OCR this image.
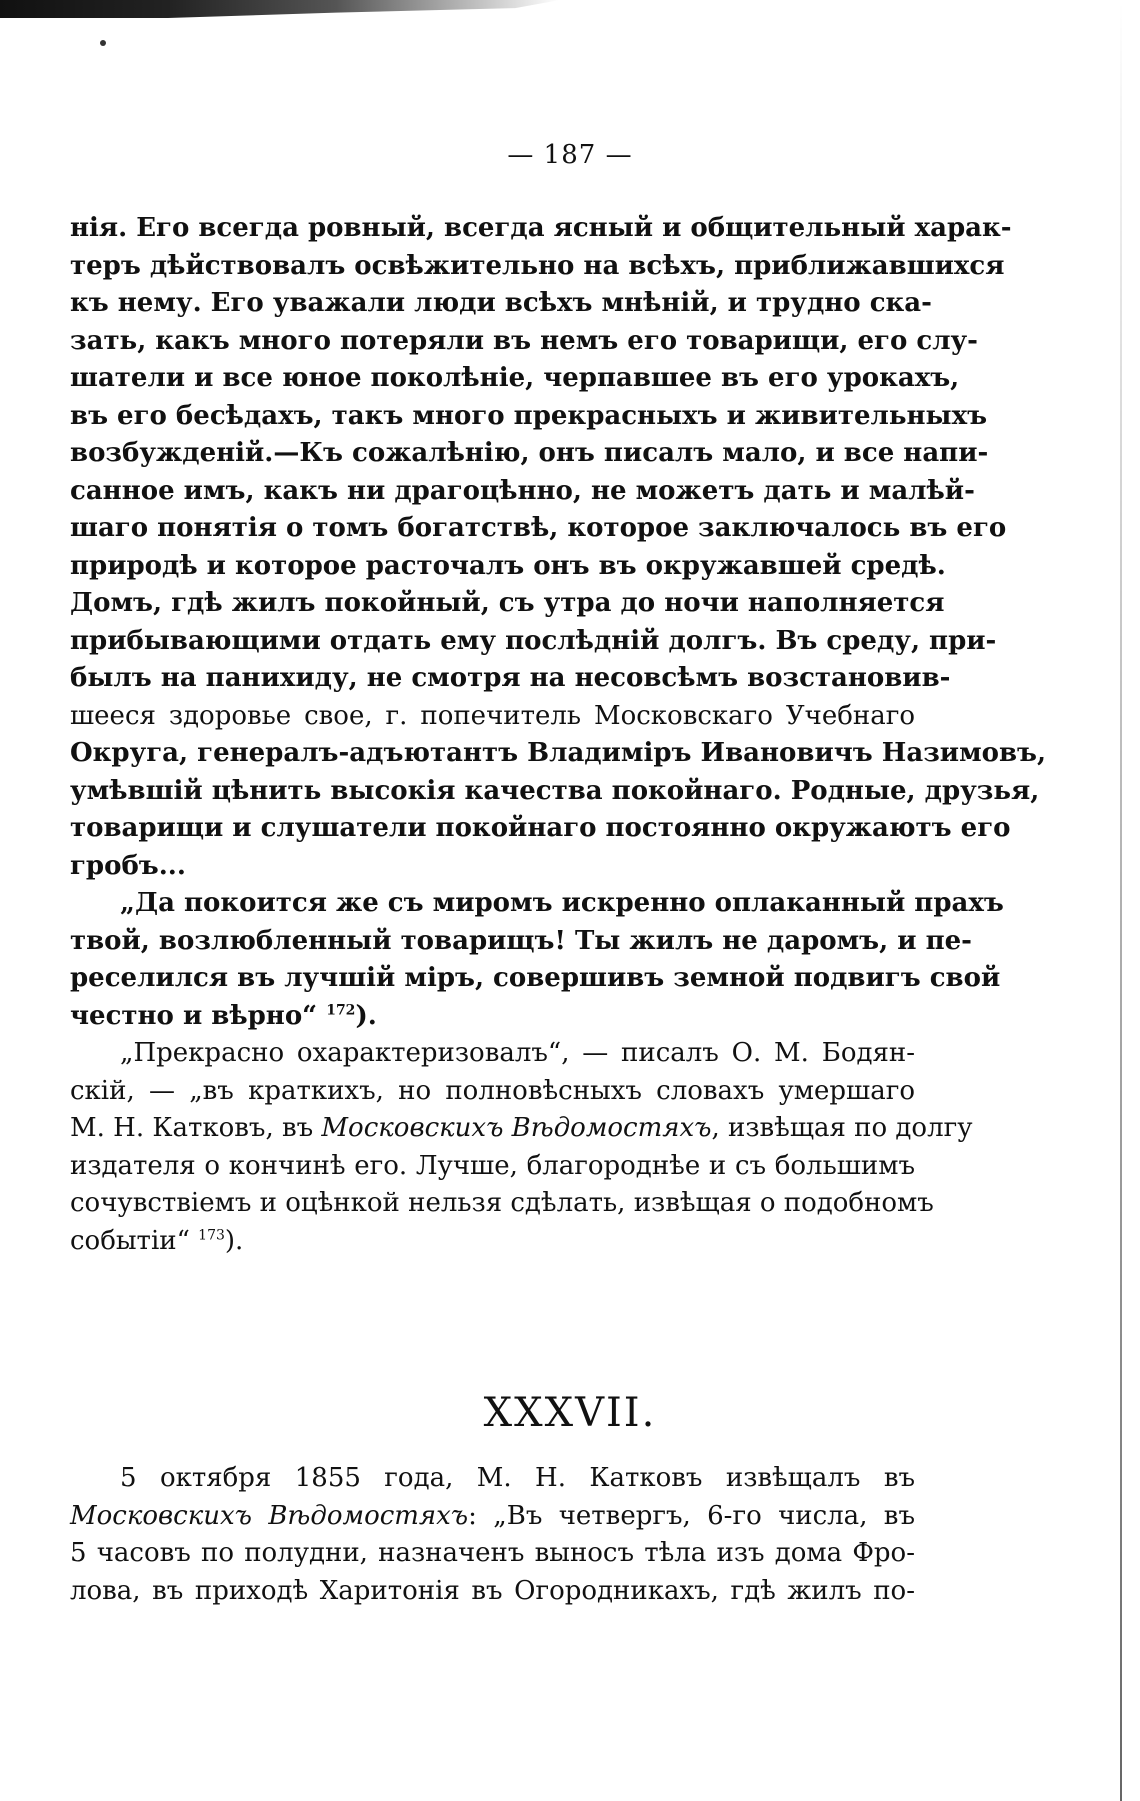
— 187 —
нія. Его всегда ровный, всегда ясный и общительный харак-
теръ дѣйствовалъ освѣжительно на всѣхъ, приближавшихся
къ нему. Его уважали люди всѣхъ мнѣній, и трудно ска-
зать, какъ много потеряли въ немъ его товарищи, его слу-
шатели и все юное поколѣніе, черпавшее въ его урокахъ,
въ его бесѣдахъ, такъ много прекрасныхъ и живительныхъ
возбужденій.—Къ сожалѣнію, онъ писалъ мало, и все напи-
санное имъ, какъ ни драгоцѣнно, не можетъ дать и малѣй-
шаго понятія о томъ богатствѣ, которое заключалось въ его
природѣ и которое расточалъ онъ въ окружавшей средѣ.
Домъ, гдѣ жилъ покойный, съ утра до ночи наполняется
прибывающими отдать ему послѣдній долгъ. Въ среду, при-
былъ на панихиду, не смотря на несовсѣмъ возстановив-
шееся здоровье свое, г. попечитель Московскаго Учебнаго
Округа, генералъ-адъютантъ Владиміръ Ивановичъ Назимовъ,
умѣвшій цѣнить высокія качества покойнаго. Родные, друзья,
товарищи и слушатели покойнаго постоянно окружаютъ его
гробъ...
„Да покоится же съ миромъ искренно оплаканный прахъ
твой, возлюбленный товарищъ! Ты жилъ не даромъ, и пе-
реселился въ лучшій міръ, совершивъ земной подвигъ свой
честно и вѣрно“ $^{172}$).
„Прекрасно охарактеризовалъ“, — писалъ О. М. Бодян-
скій, — „въ краткихъ, но полновѣсныхъ словахъ умершаго
М. Н. Катковъ, въ Московскихъ Вѣдомостяхъ, извѣщая по долгу
издателя о кончинѣ его. Лучше, благороднѣе и съ большимъ
сочувствіемъ и оцѣнкой нельзя сдѣлать, извѣщая о подобномъ
событіи“ $^{173}$).
XXXVII.
5 октября 1855 года, М. Н. Катковъ извѣщалъ въ
Московскихъ Вѣдомостяхъ: „Въ четвергъ, 6-го числа, въ
5 часовъ по полудни, назначенъ выносъ тѣла изъ дома Фро-
лова, въ приходѣ Харитонія въ Огородникахъ, гдѣ жилъ по-
